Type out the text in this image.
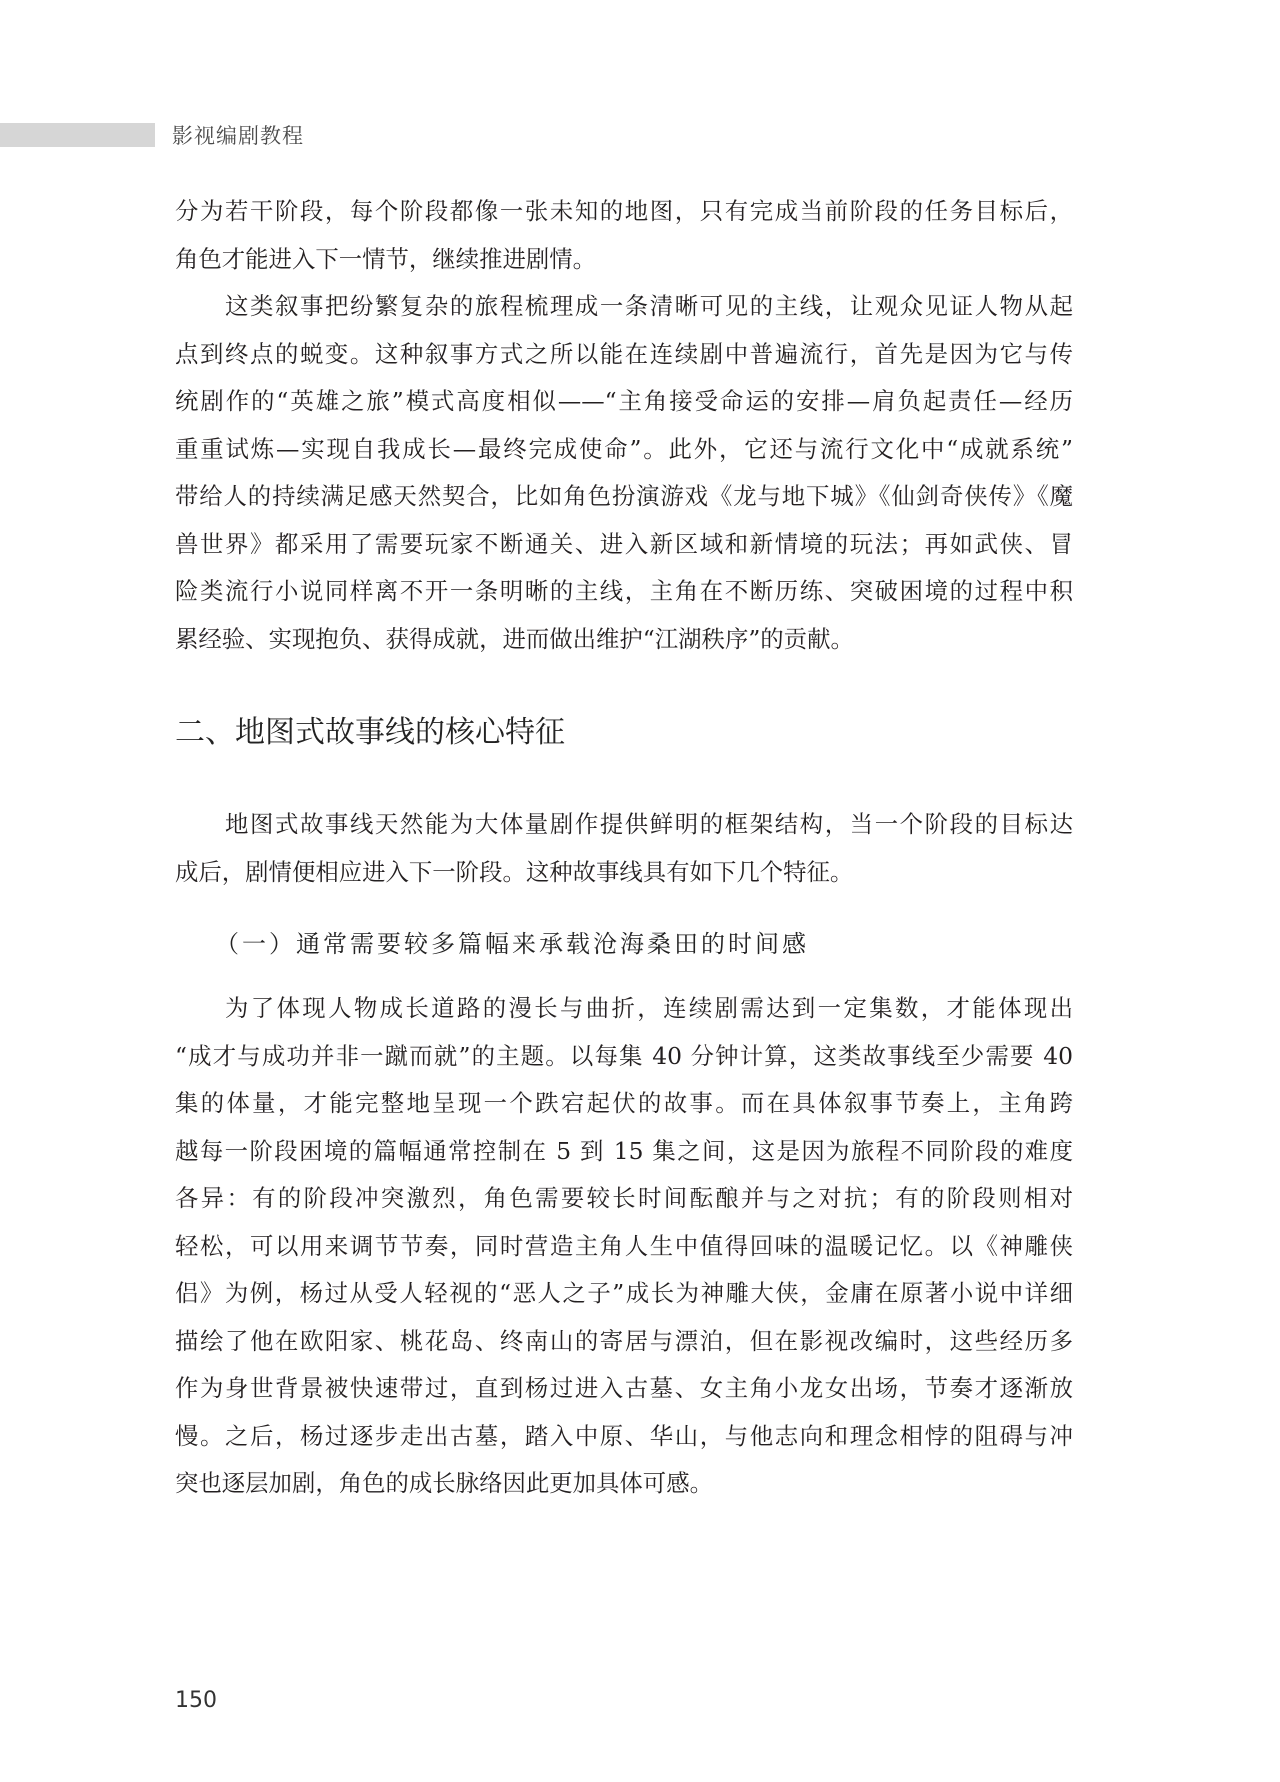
影视编剧教程
分为若干阶段，每个阶段都像一张未知的地图，只有完成当前阶段的任务目标后，
角色才能进入下一情节，继续推进剧情。
这类叙事把纷繁复杂的旅程梳理成一条清晰可见的主线，让观众见证人物从起
点到终点的蜕变。这种叙事方式之所以能在连续剧中普遍流行，首先是因为它与传
统剧作的“英雄之旅”模式高度相似——“主角接受命运的安排—肩负起责任—经历
重重试炼—实现自我成长—最终完成使命”。此外，它还与流行文化中“成就系统”
带给人的持续满足感天然契合，比如角色扮演游戏《龙与地下城》《仙剑奇侠传》《魔
兽世界》都采用了需要玩家不断通关、进入新区域和新情境的玩法；再如武侠、冒
险类流行小说同样离不开一条明晰的主线，主角在不断历练、突破困境的过程中积
累经验、实现抱负、获得成就，进而做出维护“江湖秩序”的贡献。
二、地图式故事线的核心特征
地图式故事线天然能为大体量剧作提供鲜明的框架结构，当一个阶段的目标达
成后，剧情便相应进入下一阶段。这种故事线具有如下几个特征。
（一）通常需要较多篇幅来承载沧海桑田的时间感
为了体现人物成长道路的漫长与曲折，连续剧需达到一定集数，才能体现出
“成才与成功并非一蹴而就”的主题。以每集 40 分钟计算，这类故事线至少需要 40
集的体量，才能完整地呈现一个跌宕起伏的故事。而在具体叙事节奏上，主角跨
越每一阶段困境的篇幅通常控制在 5 到 15 集之间，这是因为旅程不同阶段的难度
各异：有的阶段冲突激烈，角色需要较长时间酝酿并与之对抗；有的阶段则相对
轻松，可以用来调节节奏，同时营造主角人生中值得回味的温暖记忆。以《神雕侠
侣》为例，杨过从受人轻视的“恶人之子”成长为神雕大侠，金庸在原著小说中详细
描绘了他在欧阳家、桃花岛、终南山的寄居与漂泊，但在影视改编时，这些经历多
作为身世背景被快速带过，直到杨过进入古墓、女主角小龙女出场，节奏才逐渐放
慢。之后，杨过逐步走出古墓，踏入中原、华山，与他志向和理念相悖的阻碍与冲
突也逐层加剧，角色的成长脉络因此更加具体可感。
150
